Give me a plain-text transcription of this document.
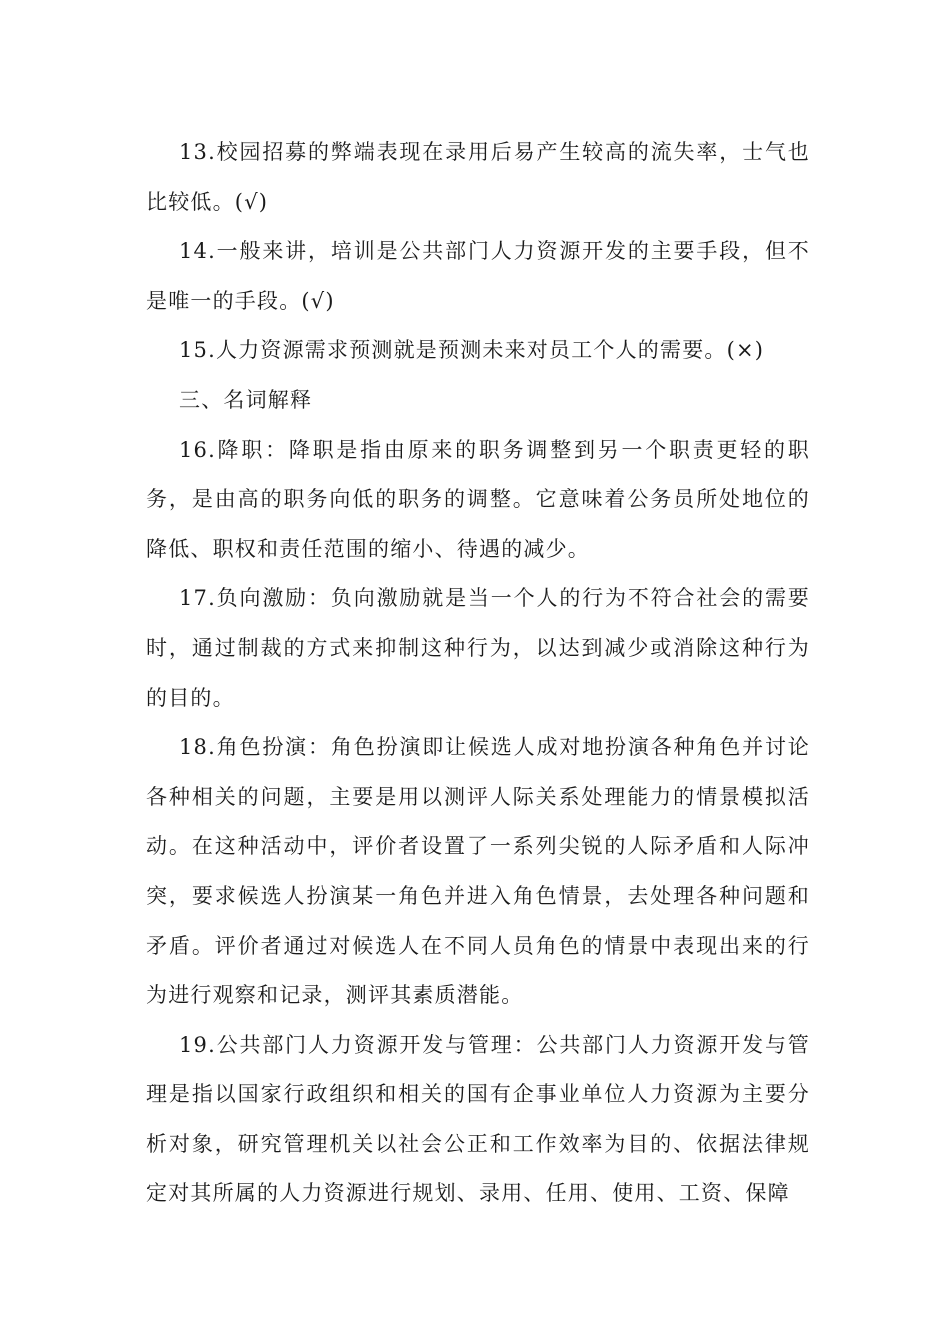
13.校园招募的弊端表现在录用后易产生较高的流失率，士气也比较低。(√)

14.一般来讲，培训是公共部门人力资源开发的主要手段，但不是唯一的手段。(√)

15.人力资源需求预测就是预测未来对员工个人的需要。(×)

三、名词解释

16.降职：降职是指由原来的职务调整到另一个职责更轻的职务，是由高的职务向低的职务的调整。它意味着公务员所处地位的降低、职权和责任范围的缩小、待遇的减少。

17.负向激励：负向激励就是当一个人的行为不符合社会的需要时，通过制裁的方式来抑制这种行为，以达到减少或消除这种行为的目的。

18.角色扮演：角色扮演即让候选人成对地扮演各种角色并讨论各种相关的问题，主要是用以测评人际关系处理能力的情景模拟活动。在这种活动中，评价者设置了一系列尖锐的人际矛盾和人际冲突，要求候选人扮演某一角色并进入角色情景，去处理各种问题和矛盾。评价者通过对候选人在不同人员角色的情景中表现出来的行为进行观察和记录，测评其素质潜能。

19.公共部门人力资源开发与管理：公共部门人力资源开发与管理是指以国家行政组织和相关的国有企事业单位人力资源为主要分析对象，研究管理机关以社会公正和工作效率为目的、依据法律规定对其所属的人力资源进行规划、录用、任用、使用、工资、保障
